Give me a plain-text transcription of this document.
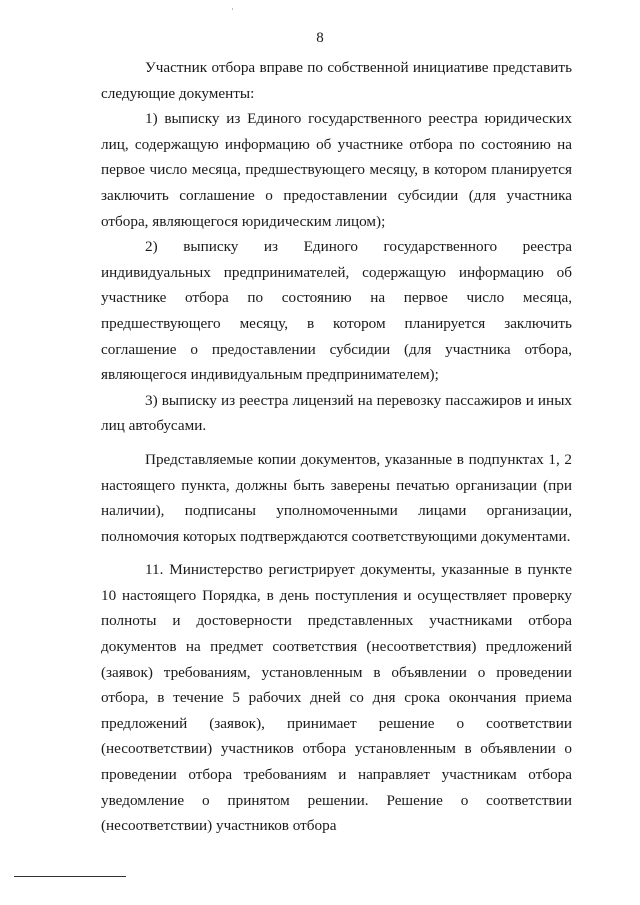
8

Участник отбора вправе по собственной инициативе представить следующие документы:

1) выписку из Единого государственного реестра юридических лиц, содержащую информацию об участнике отбора по состоянию на первое число месяца, предшествующего месяцу, в котором планируется заключить соглашение о предоставлении субсидии (для участника отбора, являющегося юридическим лицом);

2) выписку из Единого государственного реестра индивидуальных предпринимателей, содержащую информацию об участнике отбора по состоянию на первое число месяца, предшествующего месяцу, в котором планируется заключить соглашение о предоставлении субсидии (для участника отбора, являющегося индивидуальным предпринимателем);

3) выписку из реестра лицензий на перевозку пассажиров и иных лиц автобусами.

Представляемые копии документов, указанные в подпунктах 1, 2 настоящего пункта, должны быть заверены печатью организации (при наличии), подписаны уполномоченными лицами организации, полномочия которых подтверждаются соответствующими документами.

11. Министерство регистрирует документы, указанные в пункте 10 настоящего Порядка, в день поступления и осуществляет проверку полноты и достоверности представленных участниками отбора документов на предмет соответствия (несоответствия) предложений (заявок) требованиям, установленным в объявлении о проведении отбора, в течение 5 рабочих дней со дня срока окончания приема предложений (заявок), принимает решение о соответствии (несоответствии) участников отбора установленным в объявлении о проведении отбора требованиям и направляет участникам отбора уведомление о принятом решении. Решение о соответствии (несоответствии) участников отбора
